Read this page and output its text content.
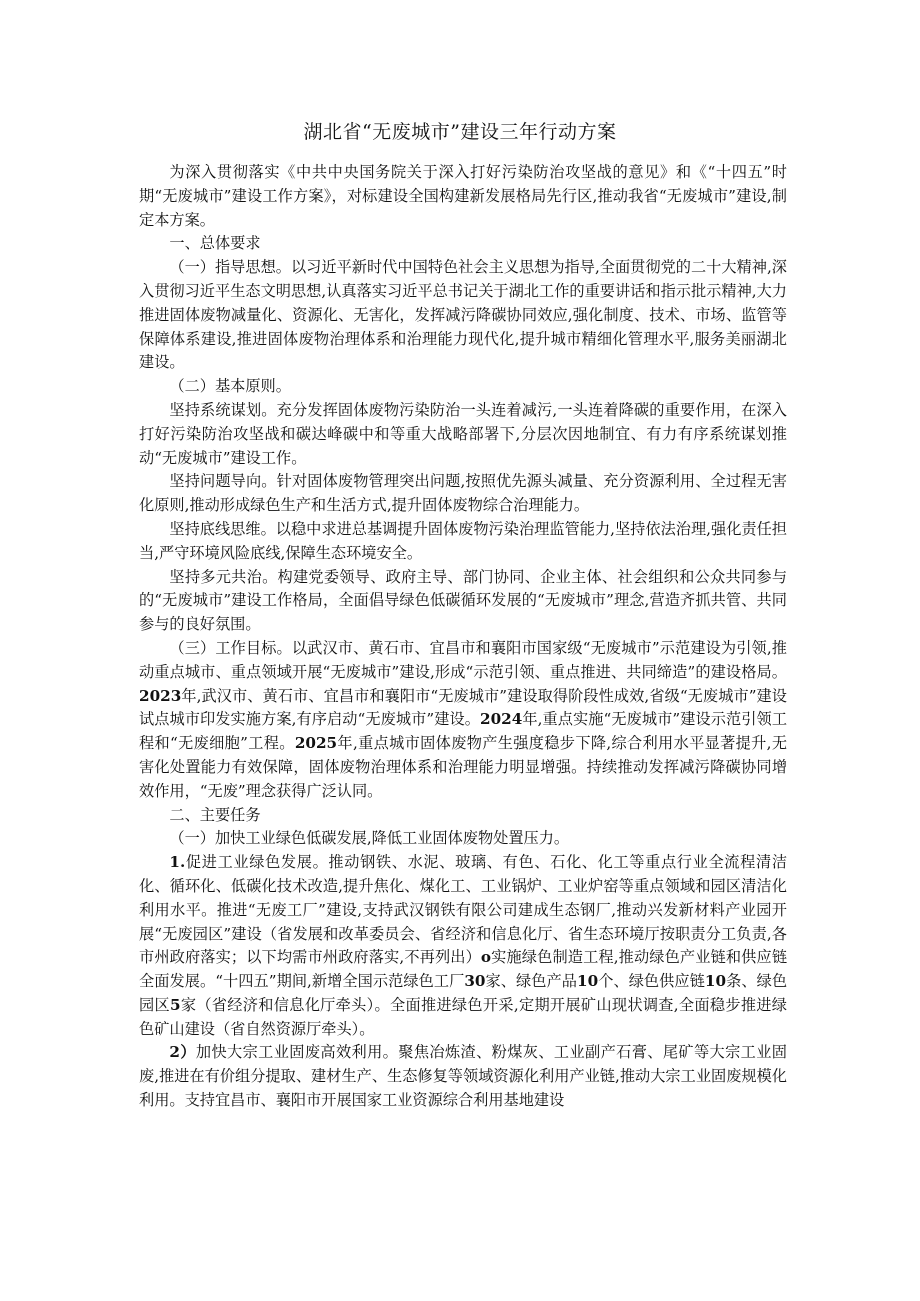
湖北省“无废城市”建设三年行动方案

为深入贯彻落实《中共中央国务院关于深入打好污染防治攻坚战的意见》和《“十四五”时期“无废城市”建设工作方案》，对标建设全国构建新发展格局先行区,推动我省“无废城市”建设,制定本方案。

一、总体要求

（一）指导思想。以习近平新时代中国特色社会主义思想为指导,全面贯彻党的二十大精神,深入贯彻习近平生态文明思想,认真落实习近平总书记关于湖北工作的重要讲话和指示批示精神,大力推进固体废物减量化、资源化、无害化，发挥减污降碳协同效应,强化制度、技术、市场、监管等保障体系建设,推进固体废物治理体系和治理能力现代化,提升城市精细化管理水平,服务美丽湖北建设。

（二）基本原则。

坚持系统谋划。充分发挥固体废物污染防治一头连着减污,一头连着降碳的重要作用，在深入打好污染防治攻坚战和碳达峰碳中和等重大战略部署下,分层次因地制宜、有力有序系统谋划推动“无废城市”建设工作。

坚持问题导向。针对固体废物管理突出问题,按照优先源头减量、充分资源利用、全过程无害化原则,推动形成绿色生产和生活方式,提升固体废物综合治理能力。

坚持底线思维。以稳中求进总基调提升固体废物污染治理监管能力,坚持依法治理,强化责任担当,严守环境风险底线,保障生态环境安全。

坚持多元共治。构建党委领导、政府主导、部门协同、企业主体、社会组织和公众共同参与的“无废城市”建设工作格局，全面倡导绿色低碳循环发展的“无废城市”理念,营造齐抓共管、共同参与的良好氛围。

（三）工作目标。以武汉市、黄石市、宜昌市和襄阳市国家级“无废城市”示范建设为引领,推动重点城市、重点领域开展“无废城市”建设,形成“示范引领、重点推进、共同缔造”的建设格局。2023年,武汉市、黄石市、宜昌市和襄阳市“无废城市”建设取得阶段性成效,省级“无废城市”建设试点城市印发实施方案,有序启动“无废城市”建设。2024年,重点实施“无废城市”建设示范引领工程和“无废细胞”工程。2025年,重点城市固体废物产生强度稳步下降,综合利用水平显著提升,无害化处置能力有效保障，固体废物治理体系和治理能力明显增强。持续推动发挥减污降碳协同增效作用，“无废”理念获得广泛认同。

二、主要任务

（一）加快工业绿色低碳发展,降低工业固体废物处置压力。

1.促进工业绿色发展。推动钢铁、水泥、玻璃、有色、石化、化工等重点行业全流程清洁化、循环化、低碳化技术改造,提升焦化、煤化工、工业锅炉、工业炉窑等重点领域和园区清洁化利用水平。推进“无废工厂”建设,支持武汉钢铁有限公司建成生态钢厂,推动兴发新材料产业园开展“无废园区”建设（省发展和改革委员会、省经济和信息化厅、省生态环境厅按职责分工负责,各市州政府落实；以下均需市州政府落实,不再列出）o实施绿色制造工程,推动绿色产业链和供应链全面发展。“十四五”期间,新增全国示范绿色工厂30家、绿色产品10个、绿色供应链10条、绿色园区5家（省经济和信息化厅牵头）。全面推进绿色开采,定期开展矿山现状调查,全面稳步推进绿色矿山建设（省自然资源厅牵头）。

2）加快大宗工业固废高效利用。聚焦冶炼渣、粉煤灰、工业副产石膏、尾矿等大宗工业固废,推进在有价组分提取、建材生产、生态修复等领域资源化利用产业链,推动大宗工业固废规模化利用。支持宜昌市、襄阳市开展国家工业资源综合利用基地建设
